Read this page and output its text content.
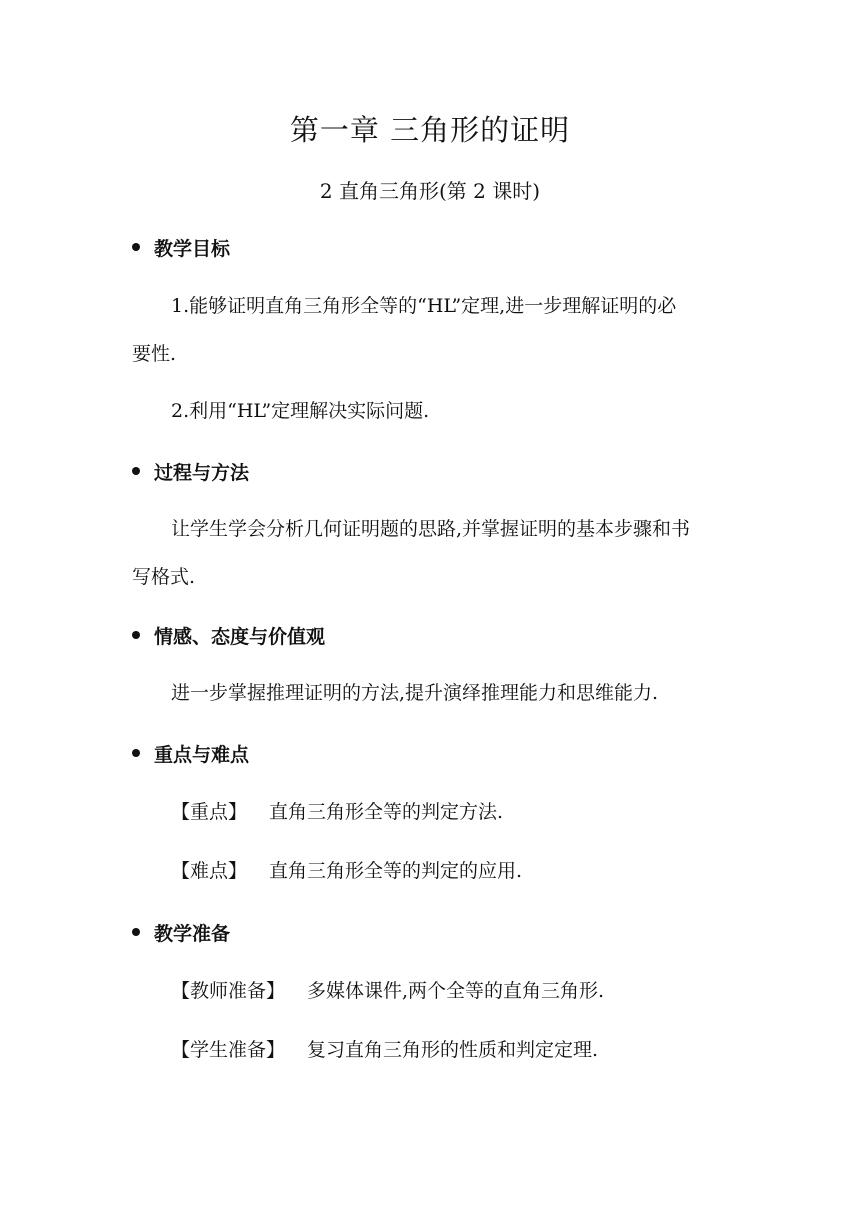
第一章 三角形的证明
2 直角三角形(第 2 课时)
教学目标
1.能够证明直角三角形全等的“HL”定理,进一步理解证明的必
要性.
2.利用“HL”定理解决实际问题.
过程与方法
让学生学会分析几何证明题的思路,并掌握证明的基本步骤和书
写格式.
情感、态度与价值观
进一步掌握推理证明的方法,提升演绎推理能力和思维能力.
重点与难点
【重点】 直角三角形全等的判定方法.
【难点】 直角三角形全等的判定的应用.
教学准备
【教师准备】 多媒体课件,两个全等的直角三角形.
【学生准备】 复习直角三角形的性质和判定定理.
